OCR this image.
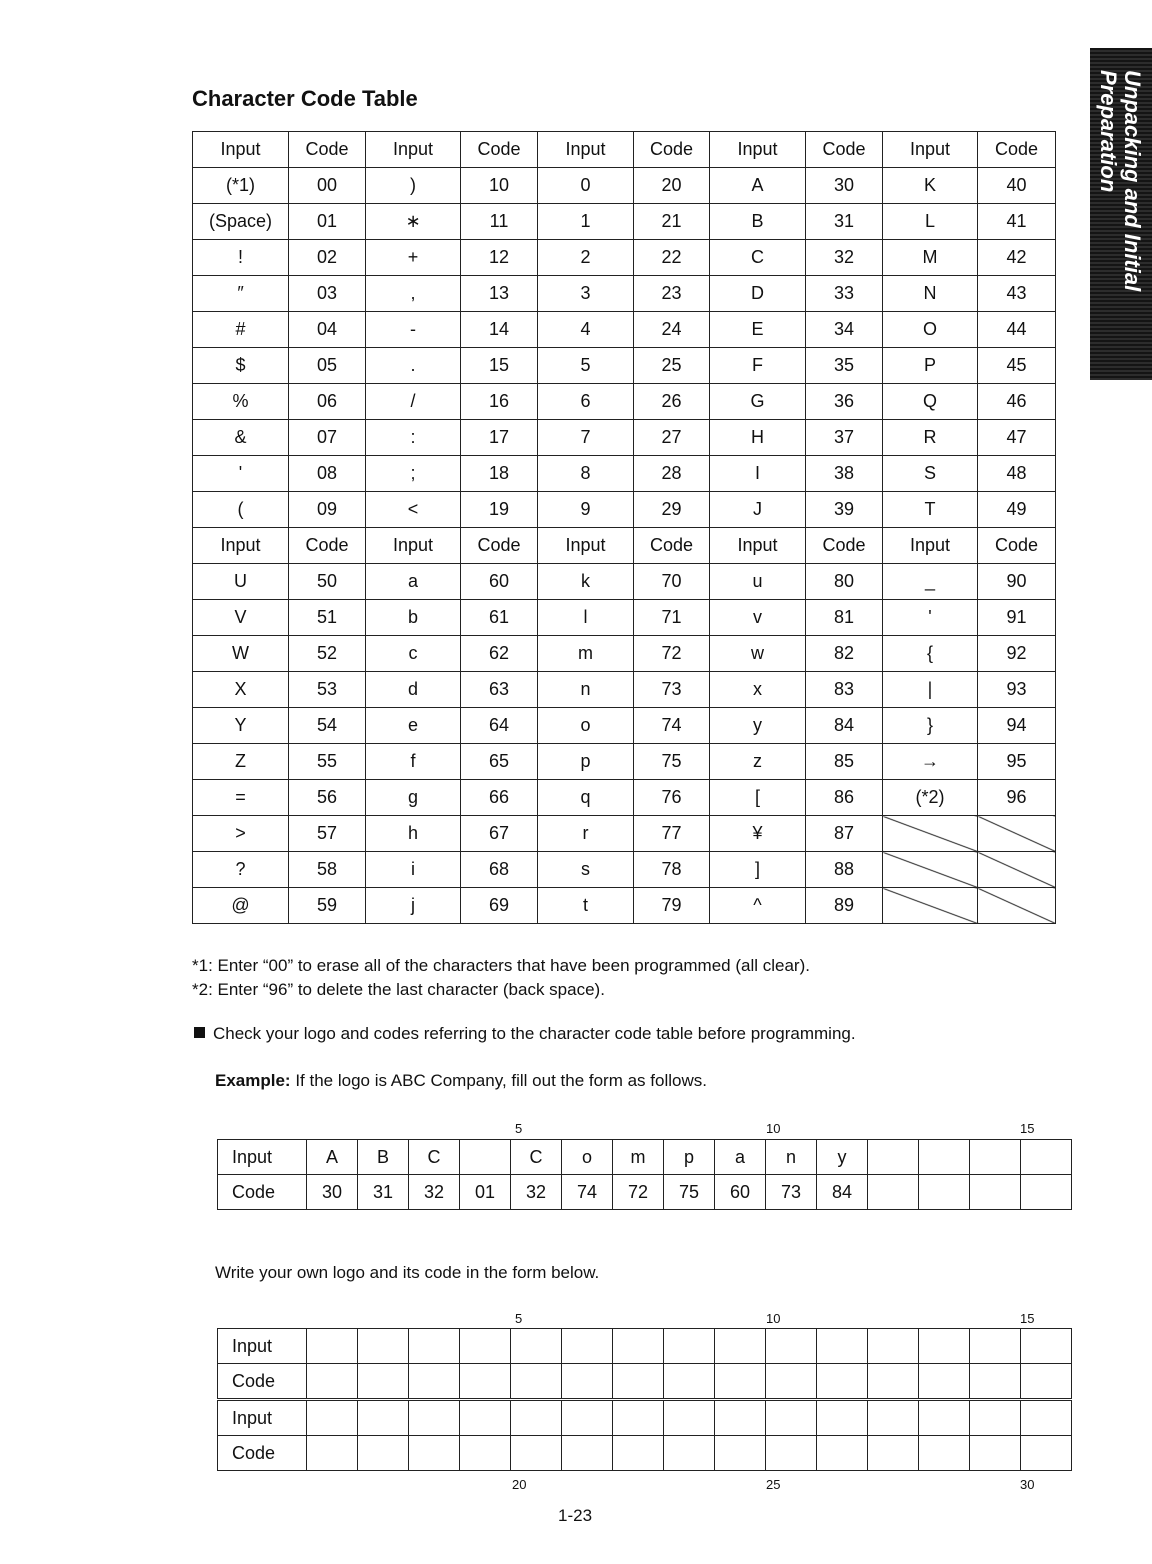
Unpacking and Initial
Preparation
Character Code Table
Input	Code	Input	Code	Input	Code	Input	Code	Input	Code
(*1)	00	)	10	0	20	A	30	K	40
(Space)	01	∗	11	1	21	B	31	L	41
!	02	+	12	2	22	C	32	M	42
″	03	,	13	3	23	D	33	N	43
#	04	-	14	4	24	E	34	O	44
$	05	.	15	5	25	F	35	P	45
%	06	/	16	6	26	G	36	Q	46
&	07	:	17	7	27	H	37	R	47
'	08	;	18	8	28	I	38	S	48
(	09	<	19	9	29	J	39	T	49
Input	Code	Input	Code	Input	Code	Input	Code	Input	Code
U	50	a	60	k	70	u	80	_	90
V	51	b	61	l	71	v	81	'	91
W	52	c	62	m	72	w	82	{	92
X	53	d	63	n	73	x	83	|	93
Y	54	e	64	o	74	y	84	}	94
Z	55	f	65	p	75	z	85	→	95
=	56	g	66	q	76	[	86	(*2)	96
>	57	h	67	r	77	¥	87		
?	58	i	68	s	78	]	88		
@	59	j	69	t	79	^	89		
*1: Enter “00” to erase all of the characters that have been programmed (all clear).
*2: Enter “96” to delete the last character (back space).
Check your logo and codes referring to the character code table before programming.
Example: If the logo is ABC Company, fill out the form as follows.
5	10	15
Input	A	B	C		C	o	m	p	a	n	y				
Code	30	31	32	01	32	74	72	75	60	73	84				
Write your own logo and its code in the form below.
5	10	15
Input															
Code															
Input															
Code															
20	25	30
1-23
